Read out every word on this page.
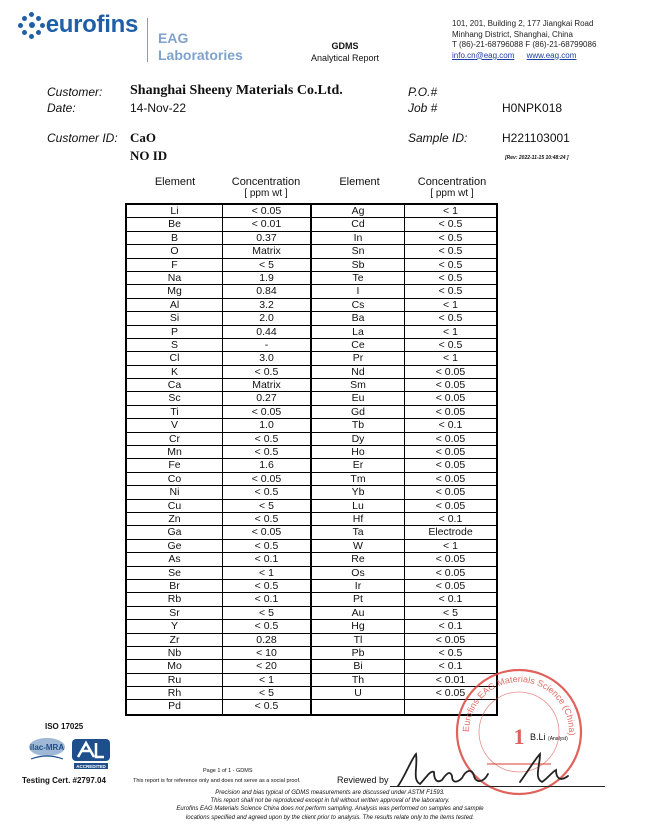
eurofins EAG
Laboratories
GDMS
Analytical Report
101, 201, Building 2, 177 Jiangkai Road
Minhang District, Shanghai, China
T (86)-21-68796088 F (86)-21-68799086
info.cn@eag.com www.eag.com
Customer: Shanghai Sheeny Materials Co.Ltd.
Date:	14-Nov-22
P.O.#
Job #	H0NPK018
Customer ID: CaO
NO ID
Sample ID:	H221103001
[Rev: 2022-11-15 10:48:24 ]
Element	Concentration
[ ppm wt ]
Element	Concentration
[ ppm wt ]
Li	< 0.05	Ag	< 1
Be	< 0.01	Cd	< 0.5
B	0.37	In	< 0.5
O	Matrix	Sn	< 0.5
F	< 5	Sb	< 0.5
Na	1.9	Te	< 0.5
Mg	0.84	I	< 0.5
Al	3.2	Cs	< 1
Si	2.0	Ba	< 0.5
P	0.44	La	< 1
S	-	Ce	< 0.5
Cl	3.0	Pr	< 1
K	< 0.5	Nd	< 0.05
Ca	Matrix	Sm	< 0.05
Sc	0.27	Eu	< 0.05
Ti	< 0.05	Gd	< 0.05
V	1.0	Tb	< 0.1
Cr	< 0.5	Dy	< 0.05
Mn	< 0.5	Ho	< 0.05
Fe	1.6	Er	< 0.05
Co	< 0.05	Tm	< 0.05
Ni	< 0.5	Yb	< 0.05
Cu	< 5	Lu	< 0.05
Zn	< 0.5	Hf	< 0.1
Ga	< 0.05	Ta	Electrode
Ge	< 0.5	W	< 1
As	< 0.1	Re	< 0.05
Se	< 1	Os	< 0.05
Br	< 0.5	Ir	< 0.05
Rb	< 0.1	Pt	< 0.1
Sr	< 5	Au	< 5
Y	< 0.5	Hg	< 0.1
Zr	0.28	Tl	< 0.05
Nb	< 10	Pb	< 0.5
Mo	< 20	Bi	< 0.1
Ru	< 1	Th	< 0.01
Rh	< 5	U	< 0.05
Pd	< 0.5
ISO 17025
ilac-MRA
ACCREDITED
Testing Cert. #2797.04
Page 1 of 1 - GDMS
This report is for reference only and does not serve as a social proof.	Reviewed by
Eurofins EAG Materials Science (China)
1 B.Li (Analyst)
Precision and bias typical of GDMS measurements are discussed under ASTM F1593.
This report shall not be reproduced except in full without written approval of the laboratory.
Eurofins EAG Materials Science China does not perform sampling. Analysis was performed on samples and sample
locations specified and agreed upon by the client prior to analysis. The results relate only to the items tested.
